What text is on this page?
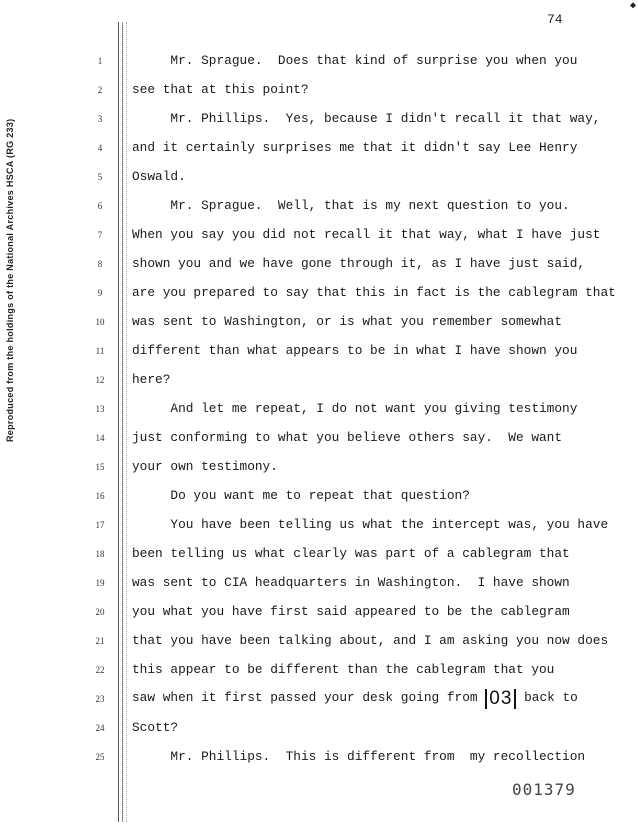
◆
74
Reproduced from the holdings of the National Archives HSCA (RG 233)
1
2
3
4
5
6
7
8
9
10
11
12
13
14
15
16
17
18
19
20
21
22
23
24
25
Mr. Sprague.  Does that kind of surprise you when you
see that at this point?
Mr. Phillips.  Yes, because I didn't recall it that way,
and it certainly surprises me that it didn't say Lee Henry
Oswald.
Mr. Sprague.  Well, that is my next question to you.
When you say you did not recall it that way, what I have just
shown you and we have gone through it, as I have just said,
are you prepared to say that this in fact is the cablegram that
was sent to Washington, or is what you remember somewhat
different than what appears to be in what I have shown you
here?
And let me repeat, I do not want you giving testimony
just conforming to what you believe others say.  We want
your own testimony.
Do you want me to repeat that question?
You have been telling us what the intercept was, you have
been telling us what clearly was part of a cablegram that
was sent to CIA headquarters in Washington.  I have shown
you what you have first said appeared to be the cablegram
that you have been talking about, and I am asking you now does
this appear to be different than the cablegram that you
saw when it first passed your desk going from 03 back to
Scott?
Mr. Phillips.  This is different from  my recollection
001379
